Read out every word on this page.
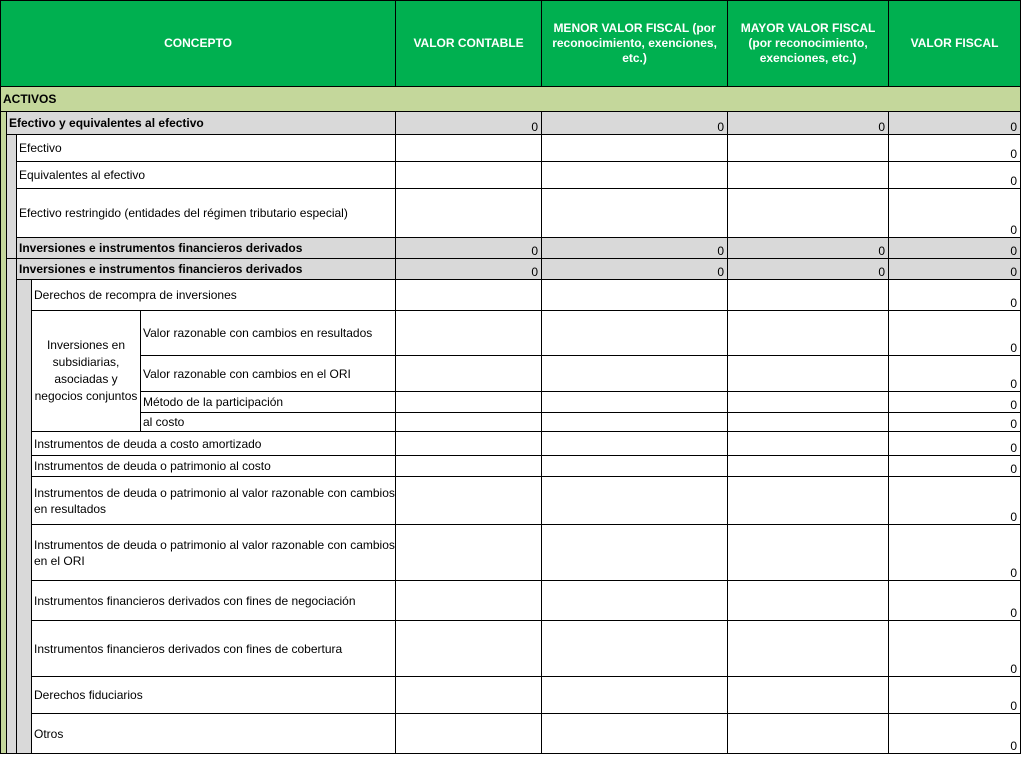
CONCEPTO					VALOR CONTABLE	MENOR VALOR FISCAL (por reconocimiento, exenciones, etc.)	MAYOR VALOR FISCAL (por reconocimiento, exenciones, etc.)	VALOR FISCAL
ACTIVOS								
	Efectivo y equivalentes al efectivo				0	0	0	0
		Efectivo						0
		Equivalentes al efectivo						0
		Efectivo restringido (entidades del régimen tributario especial)						0
		Inversiones e instrumentos financieros derivados			0	0	0	0
		Inversiones e instrumentos financieros derivados			0	0	0	0
			Derechos de recompra de inversiones					0
			Inversiones en subsidiarias, asociadas y negocios conjuntos	Valor razonable con cambios en resultados				0
				Valor razonable con cambios en el ORI				0
				Método de la participación				0
				al costo				0
			Instrumentos de deuda a costo amortizado					0
			Instrumentos de deuda o patrimonio al costo					0
			Instrumentos de deuda o patrimonio al valor razonable con cambios en resultados					0
			Instrumentos de deuda o patrimonio al valor razonable con cambios en el ORI					0
			Instrumentos financieros derivados con fines de negociación					0
			Instrumentos financieros derivados con fines de cobertura					0
			Derechos fiduciarios					0
			Otros					0
